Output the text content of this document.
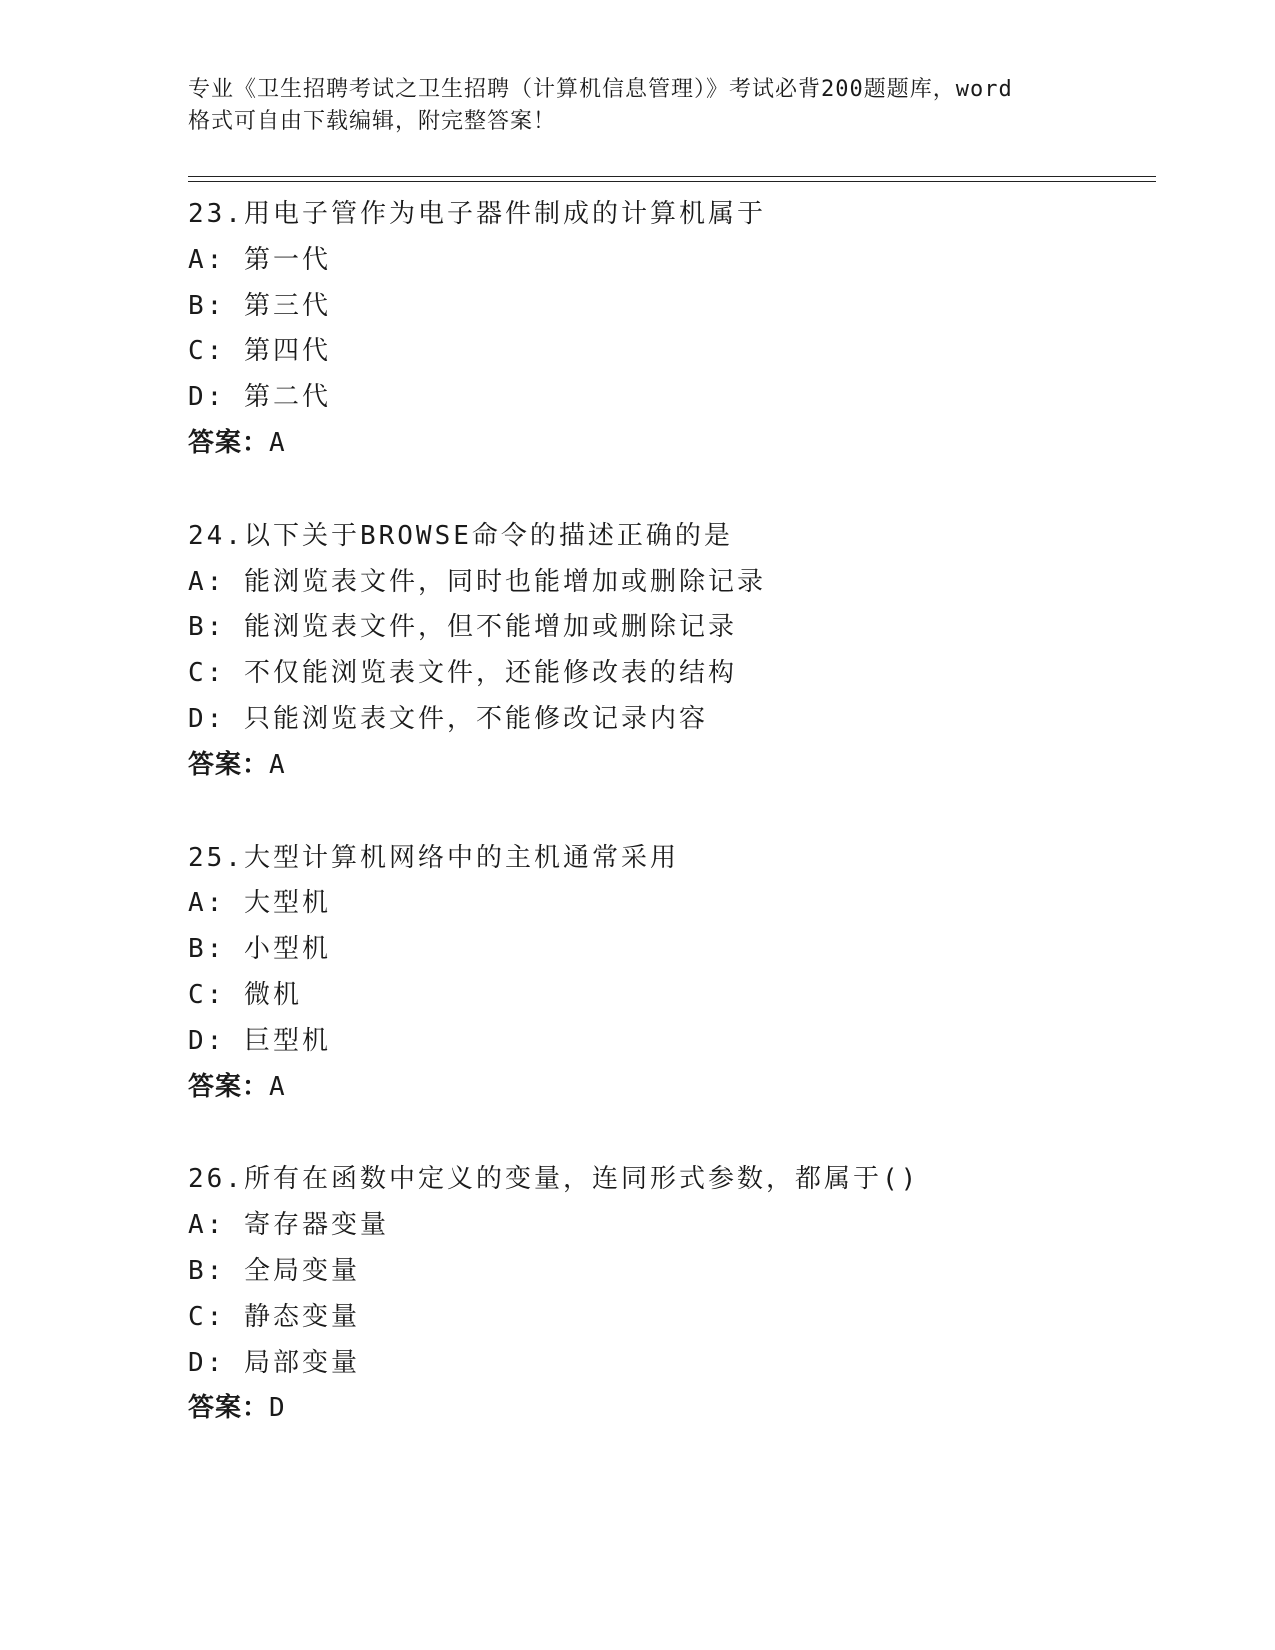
专业《卫生招聘考试之卫生招聘（计算机信息管理）》考试必背200题题库，word
格式可自由下载编辑，附完整答案！
23.用电子管作为电子器件制成的计算机属于
A: 第一代
B: 第三代
C: 第四代
D: 第二代
答案：A
24.以下关于BROWSE命令的描述正确的是
A: 能浏览表文件，同时也能增加或删除记录
B: 能浏览表文件，但不能增加或删除记录
C: 不仅能浏览表文件，还能修改表的结构
D: 只能浏览表文件，不能修改记录内容
答案：A
25.大型计算机网络中的主机通常采用
A: 大型机
B: 小型机
C: 微机
D: 巨型机
答案：A
26.所有在函数中定义的变量，连同形式参数，都属于()
A: 寄存器变量
B: 全局变量
C: 静态变量
D: 局部变量
答案：D
